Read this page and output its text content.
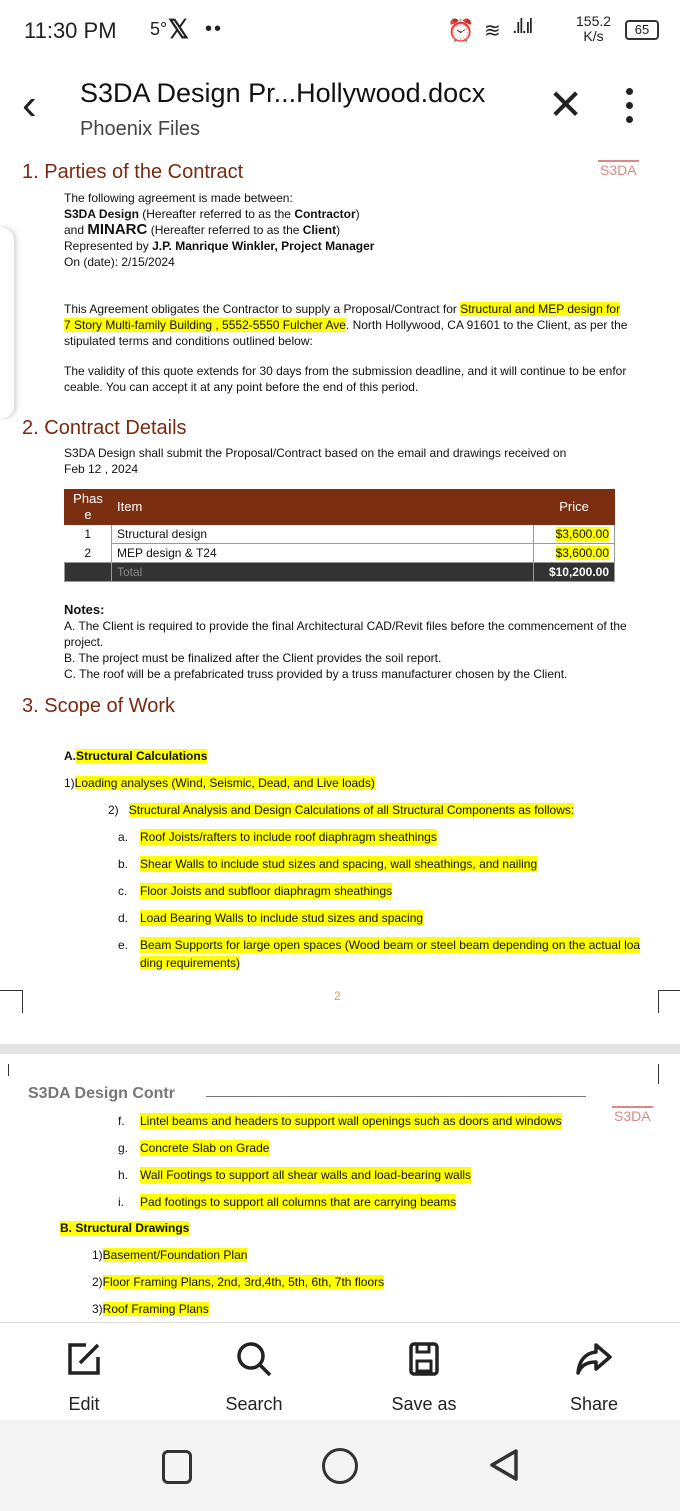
11:30 PM 5° 𝕏 ••	⏰ ≋ .ıl.ıl	155.2
K/s	65
‹ S3DA Design Pr...Hollywood.docx
Phoenix Files
✕
S3DA
1. Parties of the Contract
The following agreement is made between:
S3DA Design (Hereafter referred to as the Contractor)
and MINARC (Hereafter referred to as the Client)
Represented by J.P. Manrique Winkler, Project Manager
On (date): 2/15/2024
This Agreement obligates the Contractor to supply a Proposal/Contract for Structural and MEP design for
7 Story Multi-family Building , 5552-5550 Fulcher Ave. North Hollywood, CA 91601 to the Client, as per the
stipulated terms and conditions outlined below:
The validity of this quote extends for 30 days from the submission deadline, and it will continue to be enfor
ceable. You can accept it at any point before the end of this period.
2. Contract Details
S3DA Design shall submit the Proposal/Contract based on the email and drawings received on
Feb 12 , 2024
Phas e	Item	Price
1	Structural design	$3,600.00
2	MEP design & T24	$3,600.00
	Total	$10,200.00
Notes:
A. The Client is required to provide the final Architectural CAD/Revit files before the commencement of the
project.
B. The project must be finalized after the Client provides the soil report.
C. The roof will be a prefabricated truss provided by a truss manufacturer chosen by the Client.
3. Scope of Work
A.Structural Calculations
1)Loading analyses (Wind, Seismic, Dead, and Live loads)
2) Structural Analysis and Design Calculations of all Structural Components as follows:
a. Roof Joists/rafters to include roof diaphragm sheathings
b. Shear Walls to include stud sizes and spacing, wall sheathings, and nailing
c. Floor Joists and subfloor diaphragm sheathings
d. Load Bearing Walls to include stud sizes and spacing
e. Beam Supports for large open spaces (Wood beam or steel beam depending on the actual loa
ding requirements)
2
S3DA Design Contr
S3DA
f. Lintel beams and headers to support wall openings such as doors and windows
g. Concrete Slab on Grade
h. Wall Footings to support all shear walls and load-bearing walls
i. Pad footings to support all columns that are carrying beams
B. Structural Drawings
1)Basement/Foundation Plan
2)Floor Framing Plans, 2nd, 3rd,4th, 5th, 6th, 7th floors
3)Roof Framing Plans
Edit	Search	Save as	Share
